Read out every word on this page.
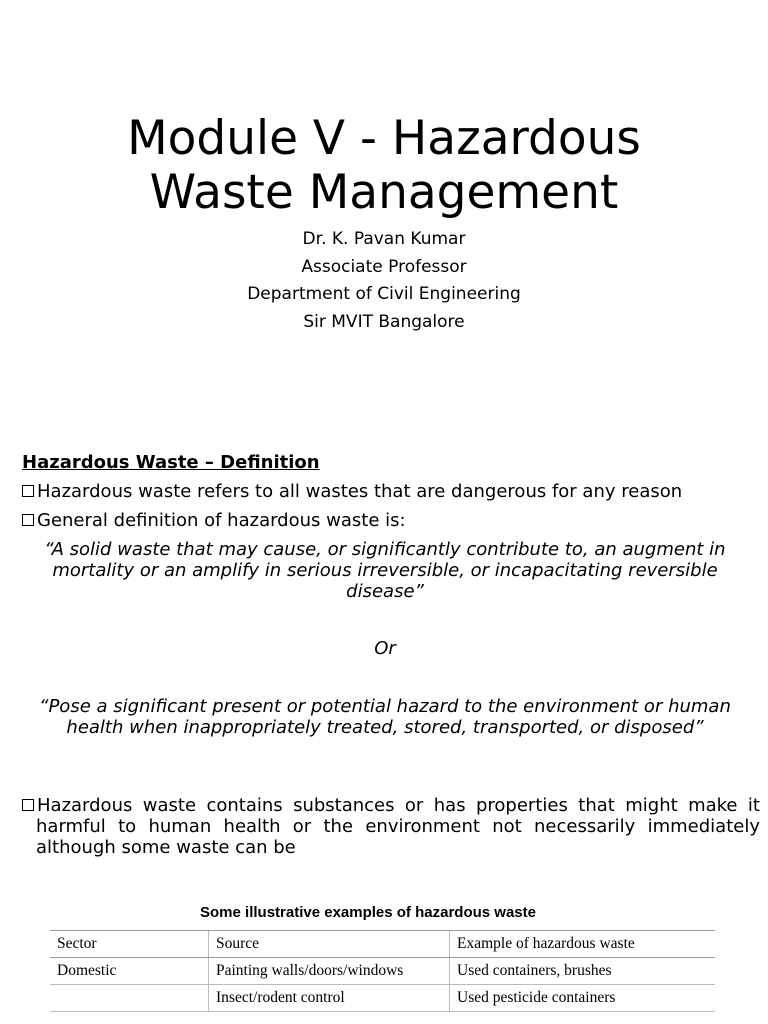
Module V - Hazardous
Waste Management
Dr. K. Pavan Kumar
Associate Professor
Department of Civil Engineering
Sir MVIT Bangalore
Hazardous Waste – Definition
Hazardous waste refers to all wastes that are dangerous for any reason
General definition of hazardous waste is:
“A solid waste that may cause, or significantly contribute to, an augment in mortality or an amplify in serious irreversible, or incapacitating reversible disease”
Or
“Pose a significant present or potential hazard to the environment or human health when inappropriately treated, stored, transported, or disposed”
Hazardous waste contains substances or has properties that might make it harmful to human health or the environment not necessarily immediately although some waste can be
Some illustrative examples of hazardous waste
Sector	Source	Example of hazardous waste
Domestic	Painting walls/doors/windows	Used containers, brushes
	Insect/rodent control	Used pesticide containers
